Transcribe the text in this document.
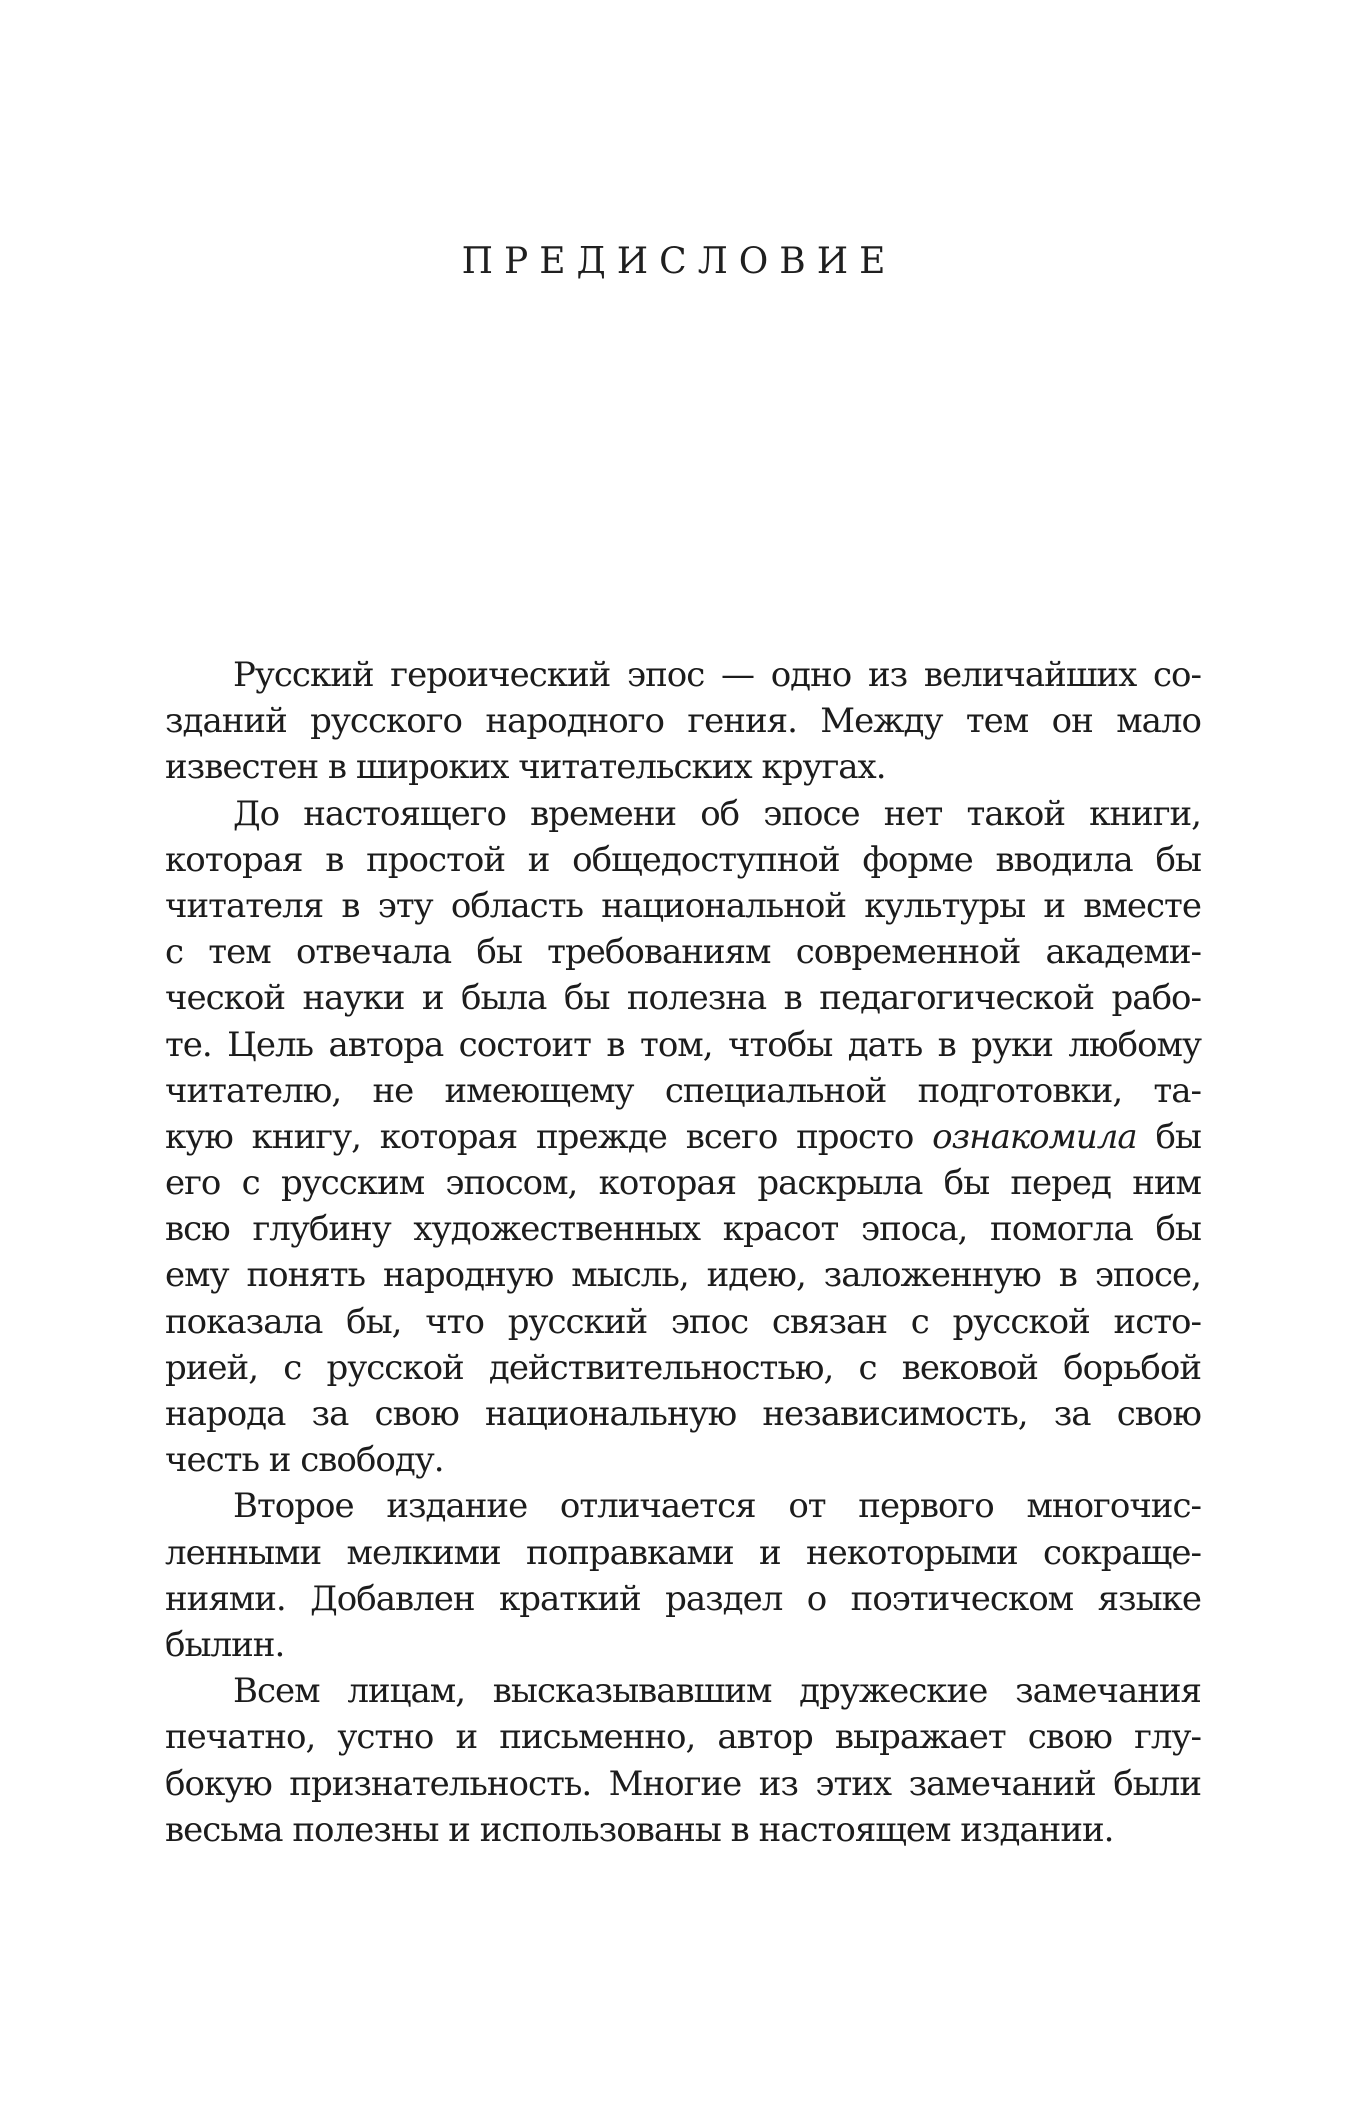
ПРЕДИСЛОВИЕ
Русский героический эпос — одно из величайших со-
зданий русского народного гения. Между тем он мало
известен в широких читательских кругах.
До настоящего времени об эпосе нет такой книги,
которая в простой и общедоступной форме вводила бы
читателя в эту область национальной культуры и вместе
с тем отвечала бы требованиям современной академи-
ческой науки и была бы полезна в педагогической рабо-
те. Цель автора состоит в том, чтобы дать в руки любому
читателю, не имеющему специальной подготовки, та-
кую книгу, которая прежде всего просто ознакомила бы
его с русским эпосом, которая раскрыла бы перед ним
всю глубину художественных красот эпоса, помогла бы
ему понять народную мысль, идею, заложенную в эпосе,
показала бы, что русский эпос связан с русской исто-
рией, с русской действительностью, с вековой борьбой
народа за свою национальную независимость, за свою
честь и свободу.
Второе издание отличается от первого многочис-
ленными мелкими поправками и некоторыми сокраще-
ниями. Добавлен краткий раздел о поэтическом языке
былин.
Всем лицам, высказывавшим дружеские замечания
печатно, устно и письменно, автор выражает свою глу-
бокую признательность. Многие из этих замечаний были
весьма полезны и использованы в настоящем издании.
